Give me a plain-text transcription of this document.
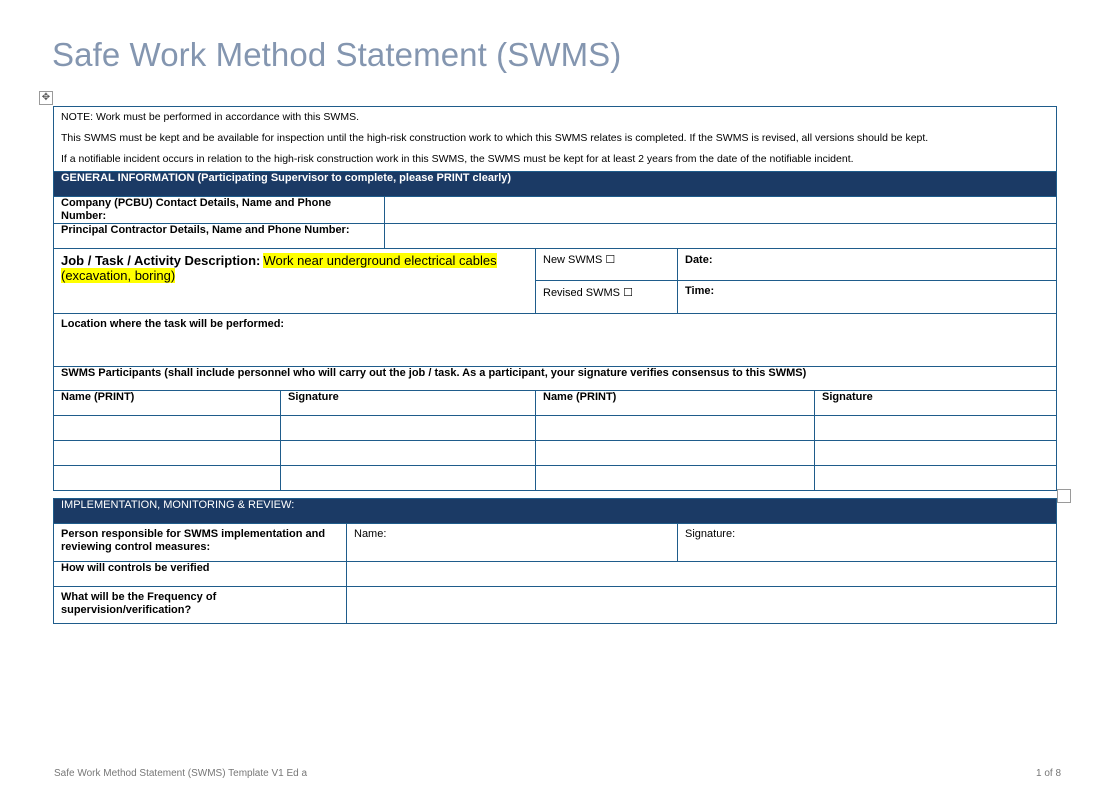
Safe Work Method Statement (SWMS)
✥
NOTE: Work must be performed in accordance with this SWMS.
This SWMS must be kept and be available for inspection until the high-risk construction work to which this SWMS relates is completed. If the SWMS is revised, all versions should be kept.
If a notifiable incident occurs in relation to the high-risk construction work in this SWMS, the SWMS must be kept for at least 2 years from the date of the notifiable incident.					

GENERAL INFORMATION (Participating Supervisor to complete, please PRINT clearly)					
Company (PCBU) Contact Details, Name and Phone Number:					
Principal Contractor Details, Name and Phone Number:					
Job / Task / Activity Description: Work near underground electrical cables (excavation, boring)			New SWMS ☐	Date:	
			Revised SWMS ☐	Time:	
Location where the task will be performed:					
SWMS Participants (shall include personnel who will carry out the job / task. As a participant, your signature verifies consensus to this SWMS)					
Name (PRINT)	Signature		Name (PRINT)		Signature

IMPLEMENTATION, MONITORING & REVIEW:		
Person responsible for SWMS implementation and reviewing control measures:	Name:	Signature:
How will controls be verified		
What will be the Frequency of supervision/verification?		
Safe Work Method Statement (SWMS) Template V1 Ed a	1 of 8
